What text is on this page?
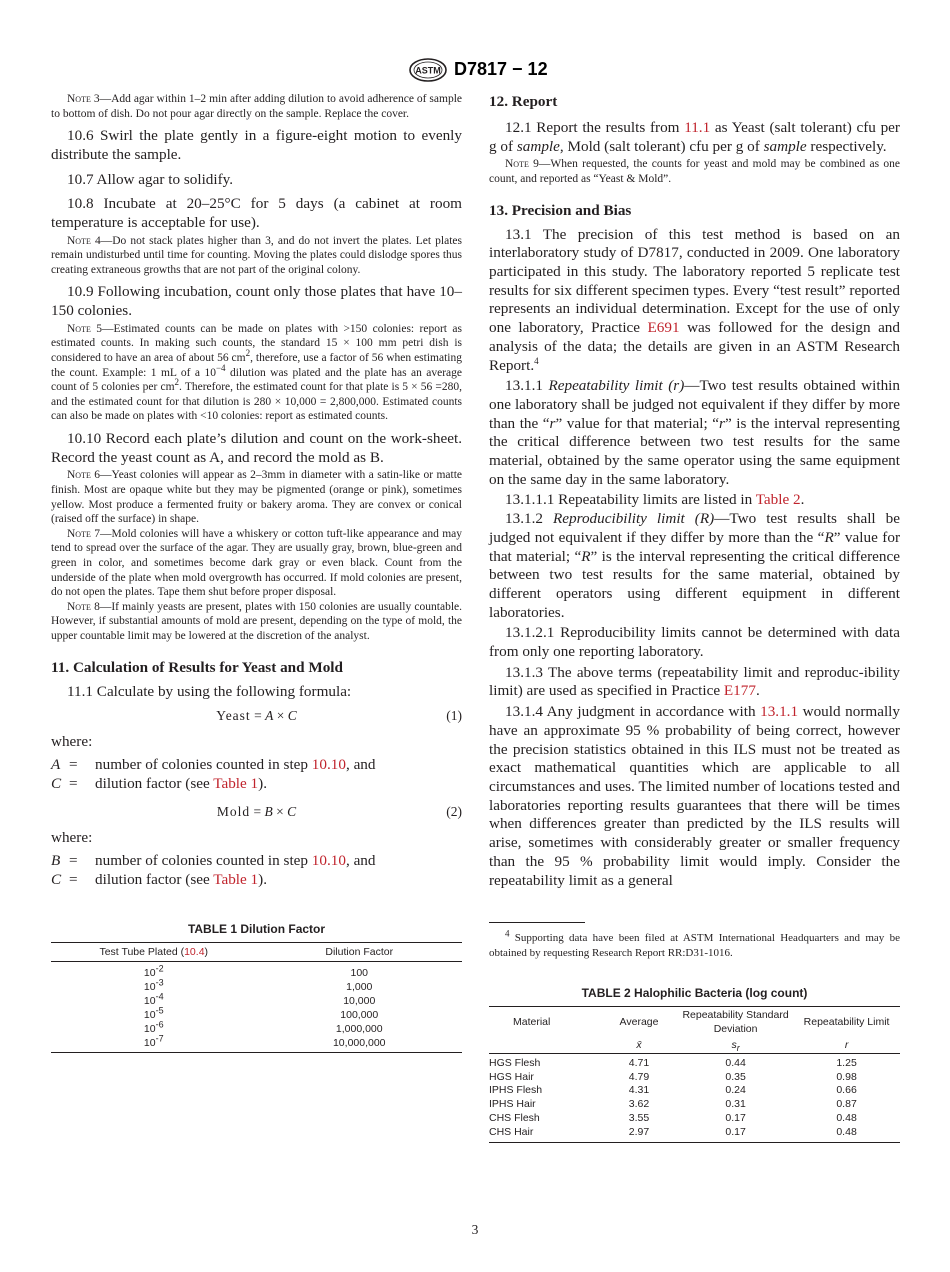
ASTM D7817 − 12

Note 3—Add agar within 1–2 min after adding dilution to avoid adherence of sample to bottom of dish. Do not pour agar directly on the sample. Replace the cover.

10.6 Swirl the plate gently in a figure-eight motion to evenly distribute the sample.

10.7 Allow agar to solidify.

10.8 Incubate at 20–25°C for 5 days (a cabinet at room temperature is acceptable for use).

Note 4—Do not stack plates higher than 3, and do not invert the plates. Let plates remain undisturbed until time for counting. Moving the plates could dislodge spores thus creating extraneous growths that are not part of the original colony.

10.9 Following incubation, count only those plates that have 10–150 colonies.

Note 5—Estimated counts can be made on plates with >150 colonies: report as estimated counts. In making such counts, the standard 15 × 100 mm petri dish is considered to have an area of about 56 $cm^2$, therefore, use a factor of 56 when estimating the count. Example: 1 mL of a $10^{-4}$ dilution was plated and the plate has an average count of 5 colonies per $cm^2$. Therefore, the estimated count for that plate is 5 × 56 =280, and the estimated count for that dilution is 280 × 10,000 = 2,800,000. Estimated counts can also be made on plates with <10 colonies: report as estimated counts.

10.10 Record each plate’s dilution and count on the work-sheet. Record the yeast count as A, and record the mold as B.

Note 6—Yeast colonies will appear as 2–3mm in diameter with a satin-like or matte finish. Most are opaque white but they may be pigmented (orange or pink), sometimes yellow. Most produce a fermented fruity or bakery aroma. They are convex or conical (raised off the surface) in shape.

Note 7—Mold colonies will have a whiskery or cotton tuft-like appearance and may tend to spread over the surface of the agar. They are usually gray, brown, blue-green and green in color, and sometimes become dark gray or even black. Count from the underside of the plate when mold overgrowth has occurred. If mold colonies are present, do not open the plates. Tape them shut before proper disposal.

Note 8—If mainly yeasts are present, plates with 150 colonies are usually countable. However, if substantial amounts of mold are present, depending on the type of mold, the upper countable limit may be lowered at the discretion of the analyst.

11. Calculation of Results for Yeast and Mold

11.1 Calculate by using the following formula:

Yeast = A × C	(1)

where:

A = number of colonies counted in step 10.10, and
C = dilution factor (see Table 1).
Mold = B × C	(2)

where:

B = number of colonies counted in step 10.10, and
C = dilution factor (see Table 1).

TABLE 1 Dilution Factor

Test Tube Plated (10.4)	Dilution Factor
$10^{-2}$	100
$10^{-3}$	1,000
$10^{-4}$	10,000
$10^{-5}$	100,000
$10^{-6}$	1,000,000
$10^{-7}$	10,000,000

12. Report

12.1 Report the results from 11.1 as Yeast (salt tolerant) cfu per g of sample, Mold (salt tolerant) cfu per g of sample respectively.

Note 9—When requested, the counts for yeast and mold may be combined as one count, and reported as “Yeast & Mold”.

13. Precision and Bias

13.1 The precision of this test method is based on an interlaboratory study of D7817, conducted in 2009. One laboratory participated in this study. The laboratory reported 5 replicate test results for six different specimen types. Every “test result” reported represents an individual determination. Except for the use of only one laboratory, Practice E691 was followed for the design and analysis of the data; the details are given in an ASTM Research Report.$^4$

13.1.1 Repeatability limit (r)—Two test results obtained within one laboratory shall be judged not equivalent if they differ by more than the “r” value for that material; “r” is the interval representing the critical difference between two test results for the same material, obtained by the same operator using the same equipment on the same day in the same laboratory.

13.1.1.1 Repeatability limits are listed in Table 2.

13.1.2 Reproducibility limit (R)—Two test results shall be judged not equivalent if they differ by more than the “R” value for that material; “R” is the interval representing the critical difference between two test results for the same material, obtained by different operators using different equipment in different laboratories.

13.1.2.1 Reproducibility limits cannot be determined with data from only one reporting laboratory.

13.1.3 The above terms (repeatability limit and reproduc-ibility limit) are used as specified in Practice E177.

13.1.4 Any judgment in accordance with 13.1.1 would normally have an approximate 95 % probability of being correct, however the precision statistics obtained in this ILS must not be treated as exact mathematical quantities which are applicable to all circumstances and uses. The limited number of locations tested and laboratories reporting results guarantees that there will be times when differences greater than predicted by the ILS results will arise, sometimes with considerably greater or smaller frequency than the 95 % probability limit would imply. Consider the repeatability limit as a general

$^4$ Supporting data have been filed at ASTM International Headquarters and may be obtained by requesting Research Report RR:D31-1016.

TABLE 2 Halophilic Bacteria (log count)

Material	Average	Repeatability Standard Deviation	Repeatability Limit
	x̄	$s_r$	r
HGS Flesh	4.71	0.44	1.25
HGS Hair	4.79	0.35	0.98
IPHS Flesh	4.31	0.24	0.66
IPHS Hair	3.62	0.31	0.87
CHS Flesh	3.55	0.17	0.48
CHS Hair	2.97	0.17	0.48
3
